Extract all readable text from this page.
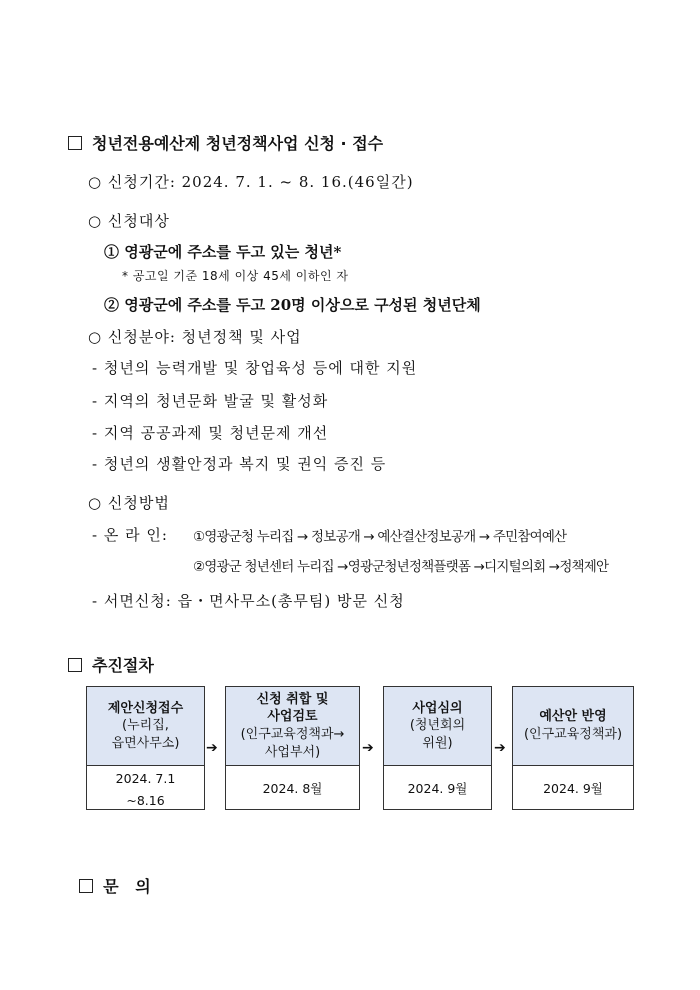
청년전용예산제 청년정책사업 신청 · 접수
○ 신청기간: 2024. 7. 1. ~ 8. 16.(46일간)
○ 신청대상
① 영광군에 주소를 두고 있는 청년*
* 공고일 기준 18세 이상 45세 이하인 자
② 영광군에 주소를 두고 20명 이상으로 구성된 청년단체
○ 신청분야: 청년정책 및 사업
- 청년의 능력개발 및 창업육성 등에 대한 지원
- 지역의 청년문화 발굴 및 활성화
- 지역 공공과제 및 청년문제 개선
- 청년의 생활안정과 복지 및 권익 증진 등
○ 신청방법
- 온 라 인: ①영광군청 누리집 → 정보공개 → 예산결산정보공개 → 주민참여예산
②영광군 청년센터 누리집 →영광군청년정책플랫폼 →디지털의회 →정책제안
- 서면신청: 읍・면사무소(총무팀) 방문 신청
추진절차
제안신청접수
(누리집,
읍면사무소)
2024. 7.1
~8.16
➔
신청 취합 및
사업검토
(인구교육정책과→
사업부서)
2024. 8월
➔
사업심의
(청년회의
위원)
2024. 9월
➔
예산안 반영
(인구교육정책과)
2024. 9월

문   의
